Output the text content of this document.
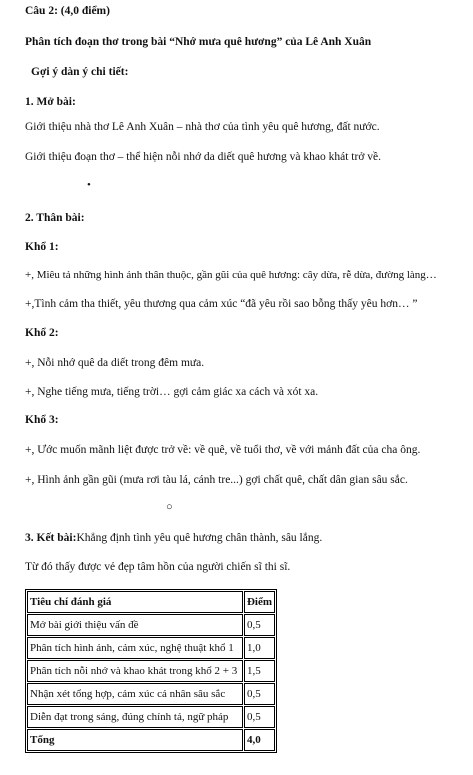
Câu 2: (4,0 điểm)
Phân tích đoạn thơ trong bài “Nhớ mưa quê hương” của Lê Anh Xuân
Gợi ý dàn ý chi tiết:
1. Mở bài:
Giới thiệu nhà thơ Lê Anh Xuân – nhà thơ của tình yêu quê hương, đất nước.
Giới thiệu đoạn thơ – thể hiện nỗi nhớ da diết quê hương và khao khát trở về.
•
2. Thân bài:
Khổ 1:
+, Miêu tả những hình ảnh thân thuộc, gần gũi của quê hương: cây dừa, rễ dừa, đường làng…
+,Tình cảm tha thiết, yêu thương qua cảm xúc “đã yêu rồi sao bỗng thấy yêu hơn… ”
Khổ 2:
+, Nỗi nhớ quê da diết trong đêm mưa.
+, Nghe tiếng mưa, tiếng trời… gợi cảm giác xa cách và xót xa.
Khổ 3:
+, Ước muốn mãnh liệt được trở về: về quê, về tuổi thơ, về với mảnh đất của cha ông.
+, Hình ảnh gần gũi (mưa rơi tàu lá, cánh tre...) gợi chất quê, chất dân gian sâu sắc.
○
3. Kết bài:Khẳng định tình yêu quê hương chân thành, sâu lắng.
Từ đó thấy được vẻ đẹp tâm hồn của người chiến sĩ thi sĩ.
Tiêu chí đánh giá	Điểm
Mở bài giới thiệu vấn đề	0,5
Phân tích hình ảnh, cảm xúc, nghệ thuật khổ 1	1,0
Phân tích nỗi nhớ và khao khát trong khổ 2 + 3	1,5
Nhận xét tổng hợp, cảm xúc cá nhân sâu sắc	0,5
Diễn đạt trong sáng, đúng chính tả, ngữ pháp	0,5
Tổng	4,0
